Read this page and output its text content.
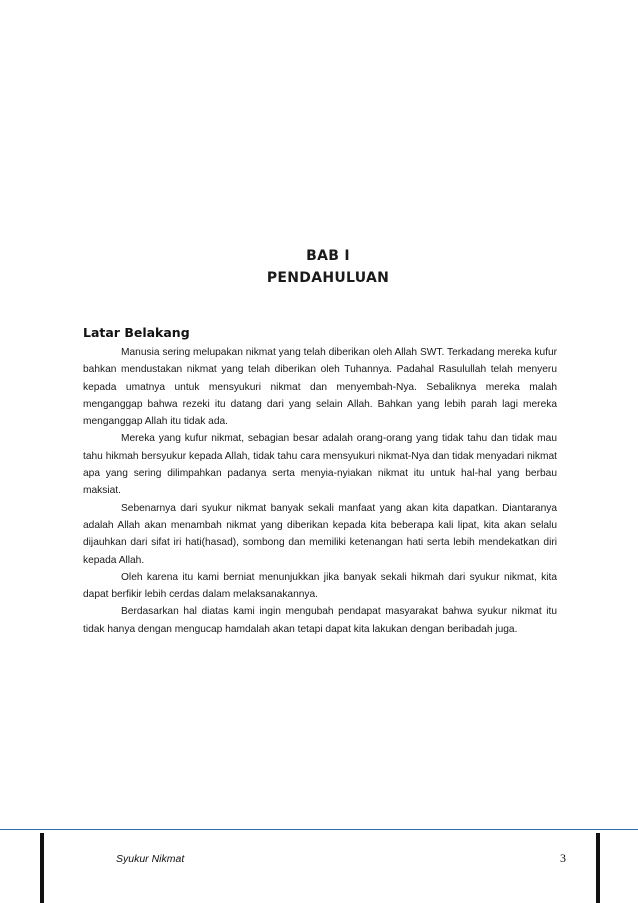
BAB I
PENDAHULUAN
Latar Belakang

Manusia sering melupakan nikmat yang telah diberikan oleh Allah SWT. Terkadang mereka kufur bahkan mendustakan nikmat yang telah diberikan oleh Tuhannya. Padahal Rasulullah telah menyeru kepada umatnya untuk mensyukuri nikmat dan menyembah-Nya. Sebaliknya mereka malah menganggap bahwa rezeki itu datang dari yang selain Allah. Bahkan yang lebih parah lagi mereka menganggap Allah itu tidak ada.

Mereka yang kufur nikmat, sebagian besar adalah orang-orang yang tidak tahu dan tidak mau tahu hikmah bersyukur kepada Allah, tidak tahu cara mensyukuri nikmat-Nya dan tidak menyadari nikmat apa yang sering dilimpahkan padanya serta menyia-nyiakan nikmat itu untuk hal-hal yang berbau maksiat.

Sebenarnya dari syukur nikmat banyak sekali manfaat yang akan kita dapatkan. Diantaranya adalah Allah akan menambah nikmat yang diberikan kepada kita beberapa kali lipat, kita akan selalu dijauhkan dari sifat iri hati(hasad), sombong dan memiliki ketenangan hati serta lebih mendekatkan diri kepada Allah.

Oleh karena itu kami berniat menunjukkan jika banyak sekali hikmah dari syukur nikmat, kita dapat berfikir lebih cerdas dalam melaksanakannya.

Berdasarkan hal diatas kami ingin mengubah pendapat masyarakat bahwa syukur nikmat itu tidak hanya dengan mengucap hamdalah akan tetapi dapat kita lakukan dengan beribadah juga.

Syukur Nikmat	3
